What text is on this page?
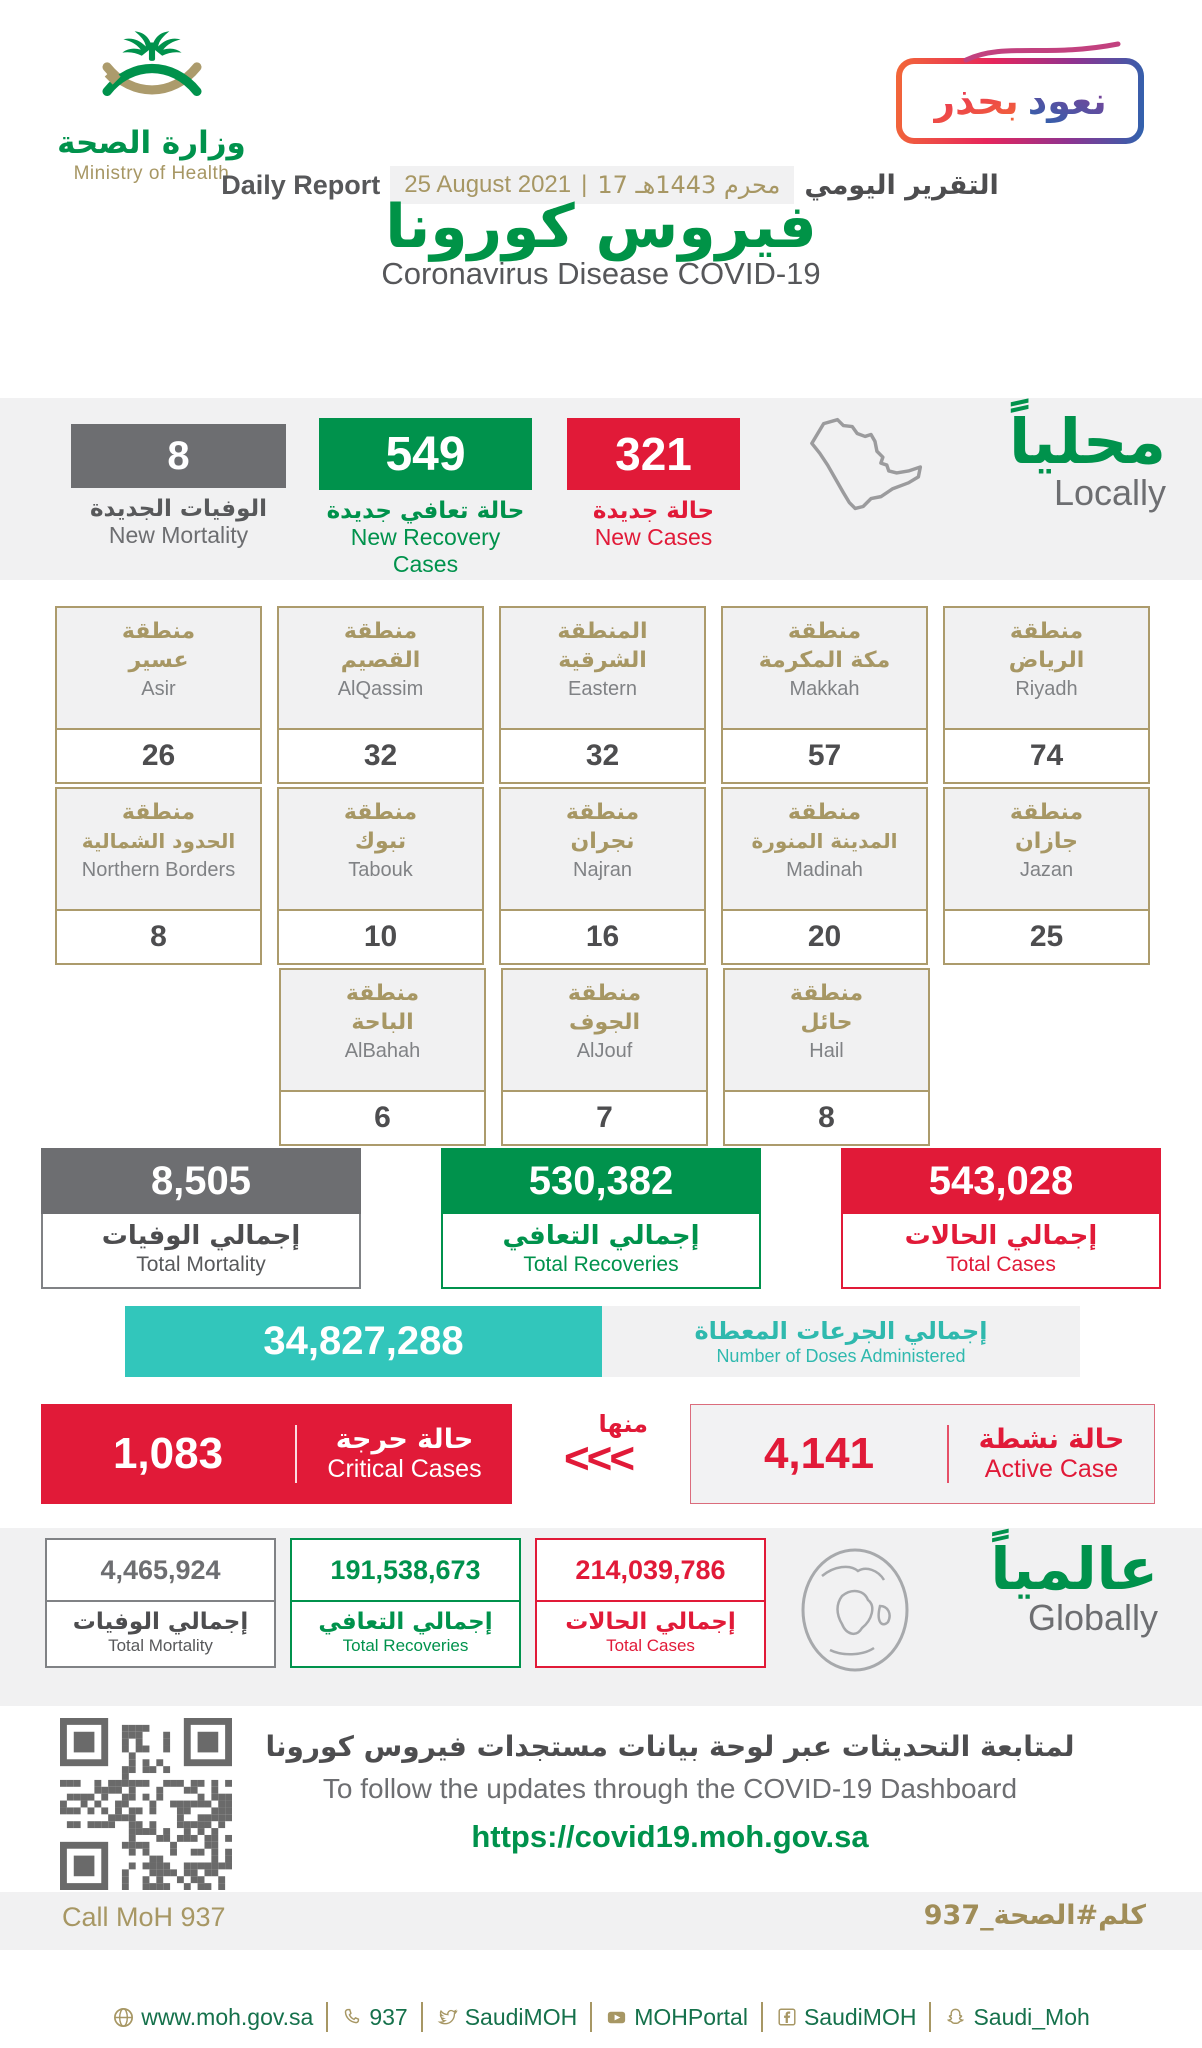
وزارة الصحة
Ministry of Health
نعود
بحذر
Daily Report 25 August 2021 | 17 محرم 1443هـ التقرير اليومي
فيروس كورونا
Coronavirus Disease COVID-19
8
الوفيات الجديدة
New Mortality
549
حالة تعافي جديدة
New Recovery Cases
321
حالة جديدة
New Cases
محلياً
Locally
منطقة
عسير
Asir
26
منطقة
القصيم
AlQassim
32
المنطقة
الشرقية
Eastern
32
منطقة
مكة المكرمة
Makkah
57
منطقة
الرياض
Riyadh
74
منطقة
الحدود الشمالية
Northern Borders
8
منطقة
تبوك
Tabouk
10
منطقة
نجران
Najran
16
منطقة
المدينة المنورة
Madinah
20
منطقة
جازان
Jazan
25
منطقة
الباحة
AlBahah
6
منطقة
الجوف
AlJouf
7
منطقة
حائل
Hail
8
8,505
إجمالي الوفيات
Total Mortality
530,382
إجمالي التعافي
Total Recoveries
543,028
إجمالي الحالات
Total Cases
34,827,288	إجمالي الجرعات المعطاة
Number of Doses Administered
1,083	حالة حرجة
Critical Cases
منها
<<<	4,141	حالة نشطة
Active Case
4,465,924
إجمالي الوفيات
Total Mortality
191,538,673
إجمالي التعافي
Total Recoveries
214,039,786
إجمالي الحالات
Total Cases
عالمياً
Globally
لمتابعة التحديثات عبر لوحة بيانات مستجدات فيروس كورونا
To follow the updates through the COVID-19 Dashboard
https://covid19.moh.gov.sa
Call MoH 937	كلم#الصحة_937
www.moh.gov.sa 937 SaudiMOH MOHPortal SaudiMOH Saudi_Moh
